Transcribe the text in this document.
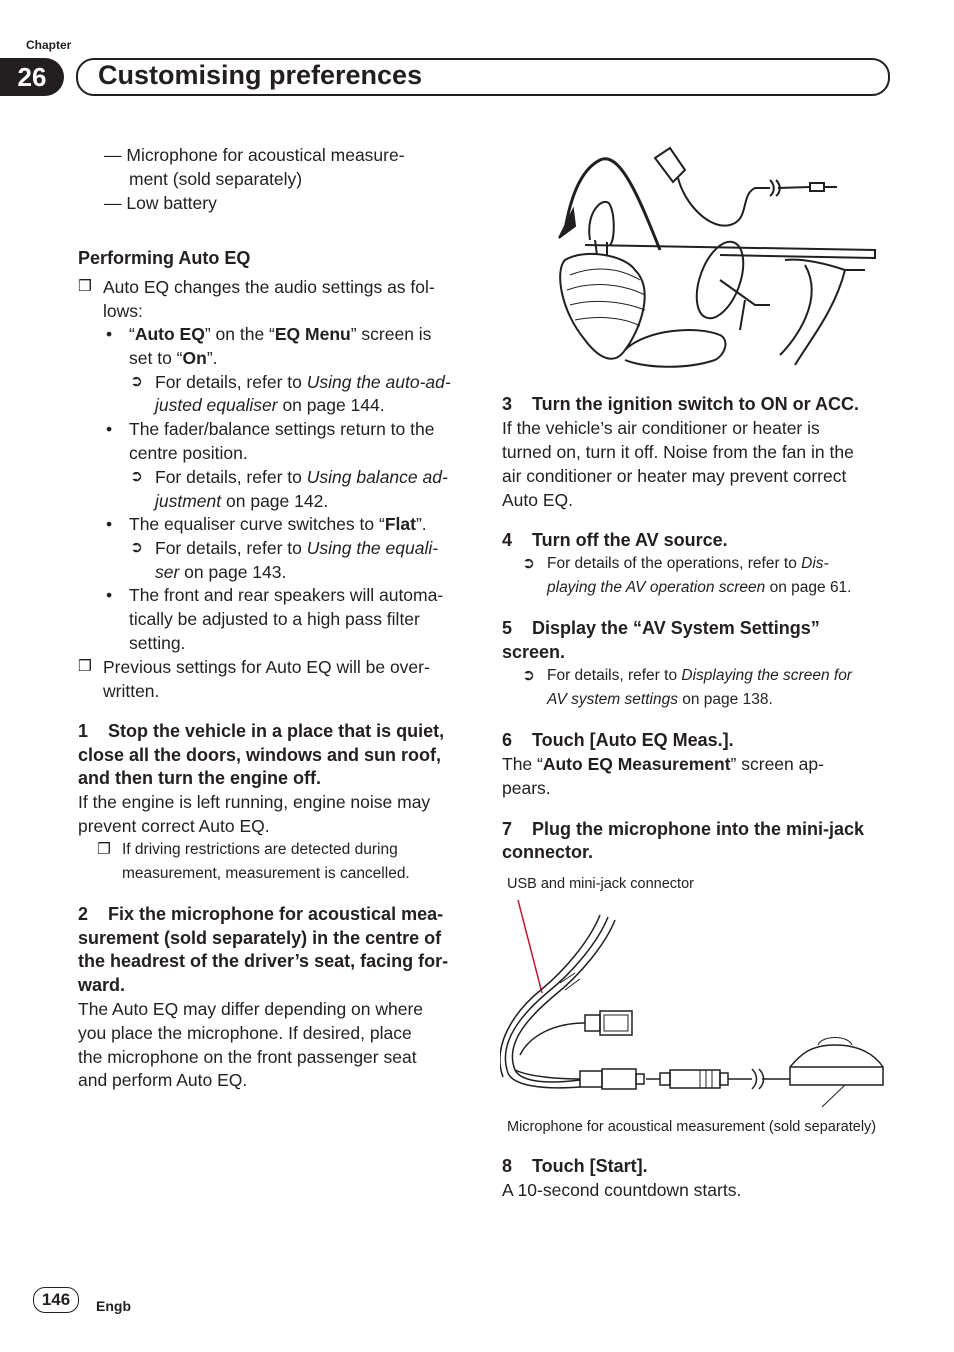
Chapter
26	Customising preferences
— Microphone for acoustical measure-
ment (sold separately)
— Low battery
Performing Auto EQ
❒ Auto EQ changes the audio settings as fol-
lows:
• “Auto EQ” on the “EQ Menu” screen is
set to “On”.
➲ For details, refer to Using the auto-ad-
justed equaliser on page 144.
• The fader/balance settings return to the
centre position.
➲ For details, refer to Using balance ad-
justment on page 142.
• The equaliser curve switches to “Flat”.
➲ For details, refer to Using the equali-
ser on page 143.
• The front and rear speakers will automa-
tically be adjusted to a high pass filter
setting.
❒ Previous settings for Auto EQ will be over-
written.
1    Stop the vehicle in a place that is quiet,
close all the doors, windows and sun roof,
and then turn the engine off.
If the engine is left running, engine noise may
prevent correct Auto EQ.
❒ If driving restrictions are detected during
measurement, measurement is cancelled.
2    Fix the microphone for acoustical mea-
surement (sold separately) in the centre of
the headrest of the driver’s seat, facing for-
ward.
The Auto EQ may differ depending on where
you place the microphone. If desired, place
the microphone on the front passenger seat
and perform Auto EQ.
3    Turn the ignition switch to ON or ACC.
If the vehicle’s air conditioner or heater is
turned on, turn it off. Noise from the fan in the
air conditioner or heater may prevent correct
Auto EQ.
4    Turn off the AV source.
➲ For details of the operations, refer to Dis-
playing the AV operation screen on page 61.
5    Display the “AV System Settings”
screen.
➲ For details, refer to Displaying the screen for
AV system settings on page 138.
6    Touch [Auto EQ Meas.].
The “Auto EQ Measurement” screen ap-
pears.
7    Plug the microphone into the mini-jack
connector.
USB and mini-jack connector
Microphone for acoustical measurement (sold separately)
8    Touch [Start].
A 10-second countdown starts.
146	Engb
